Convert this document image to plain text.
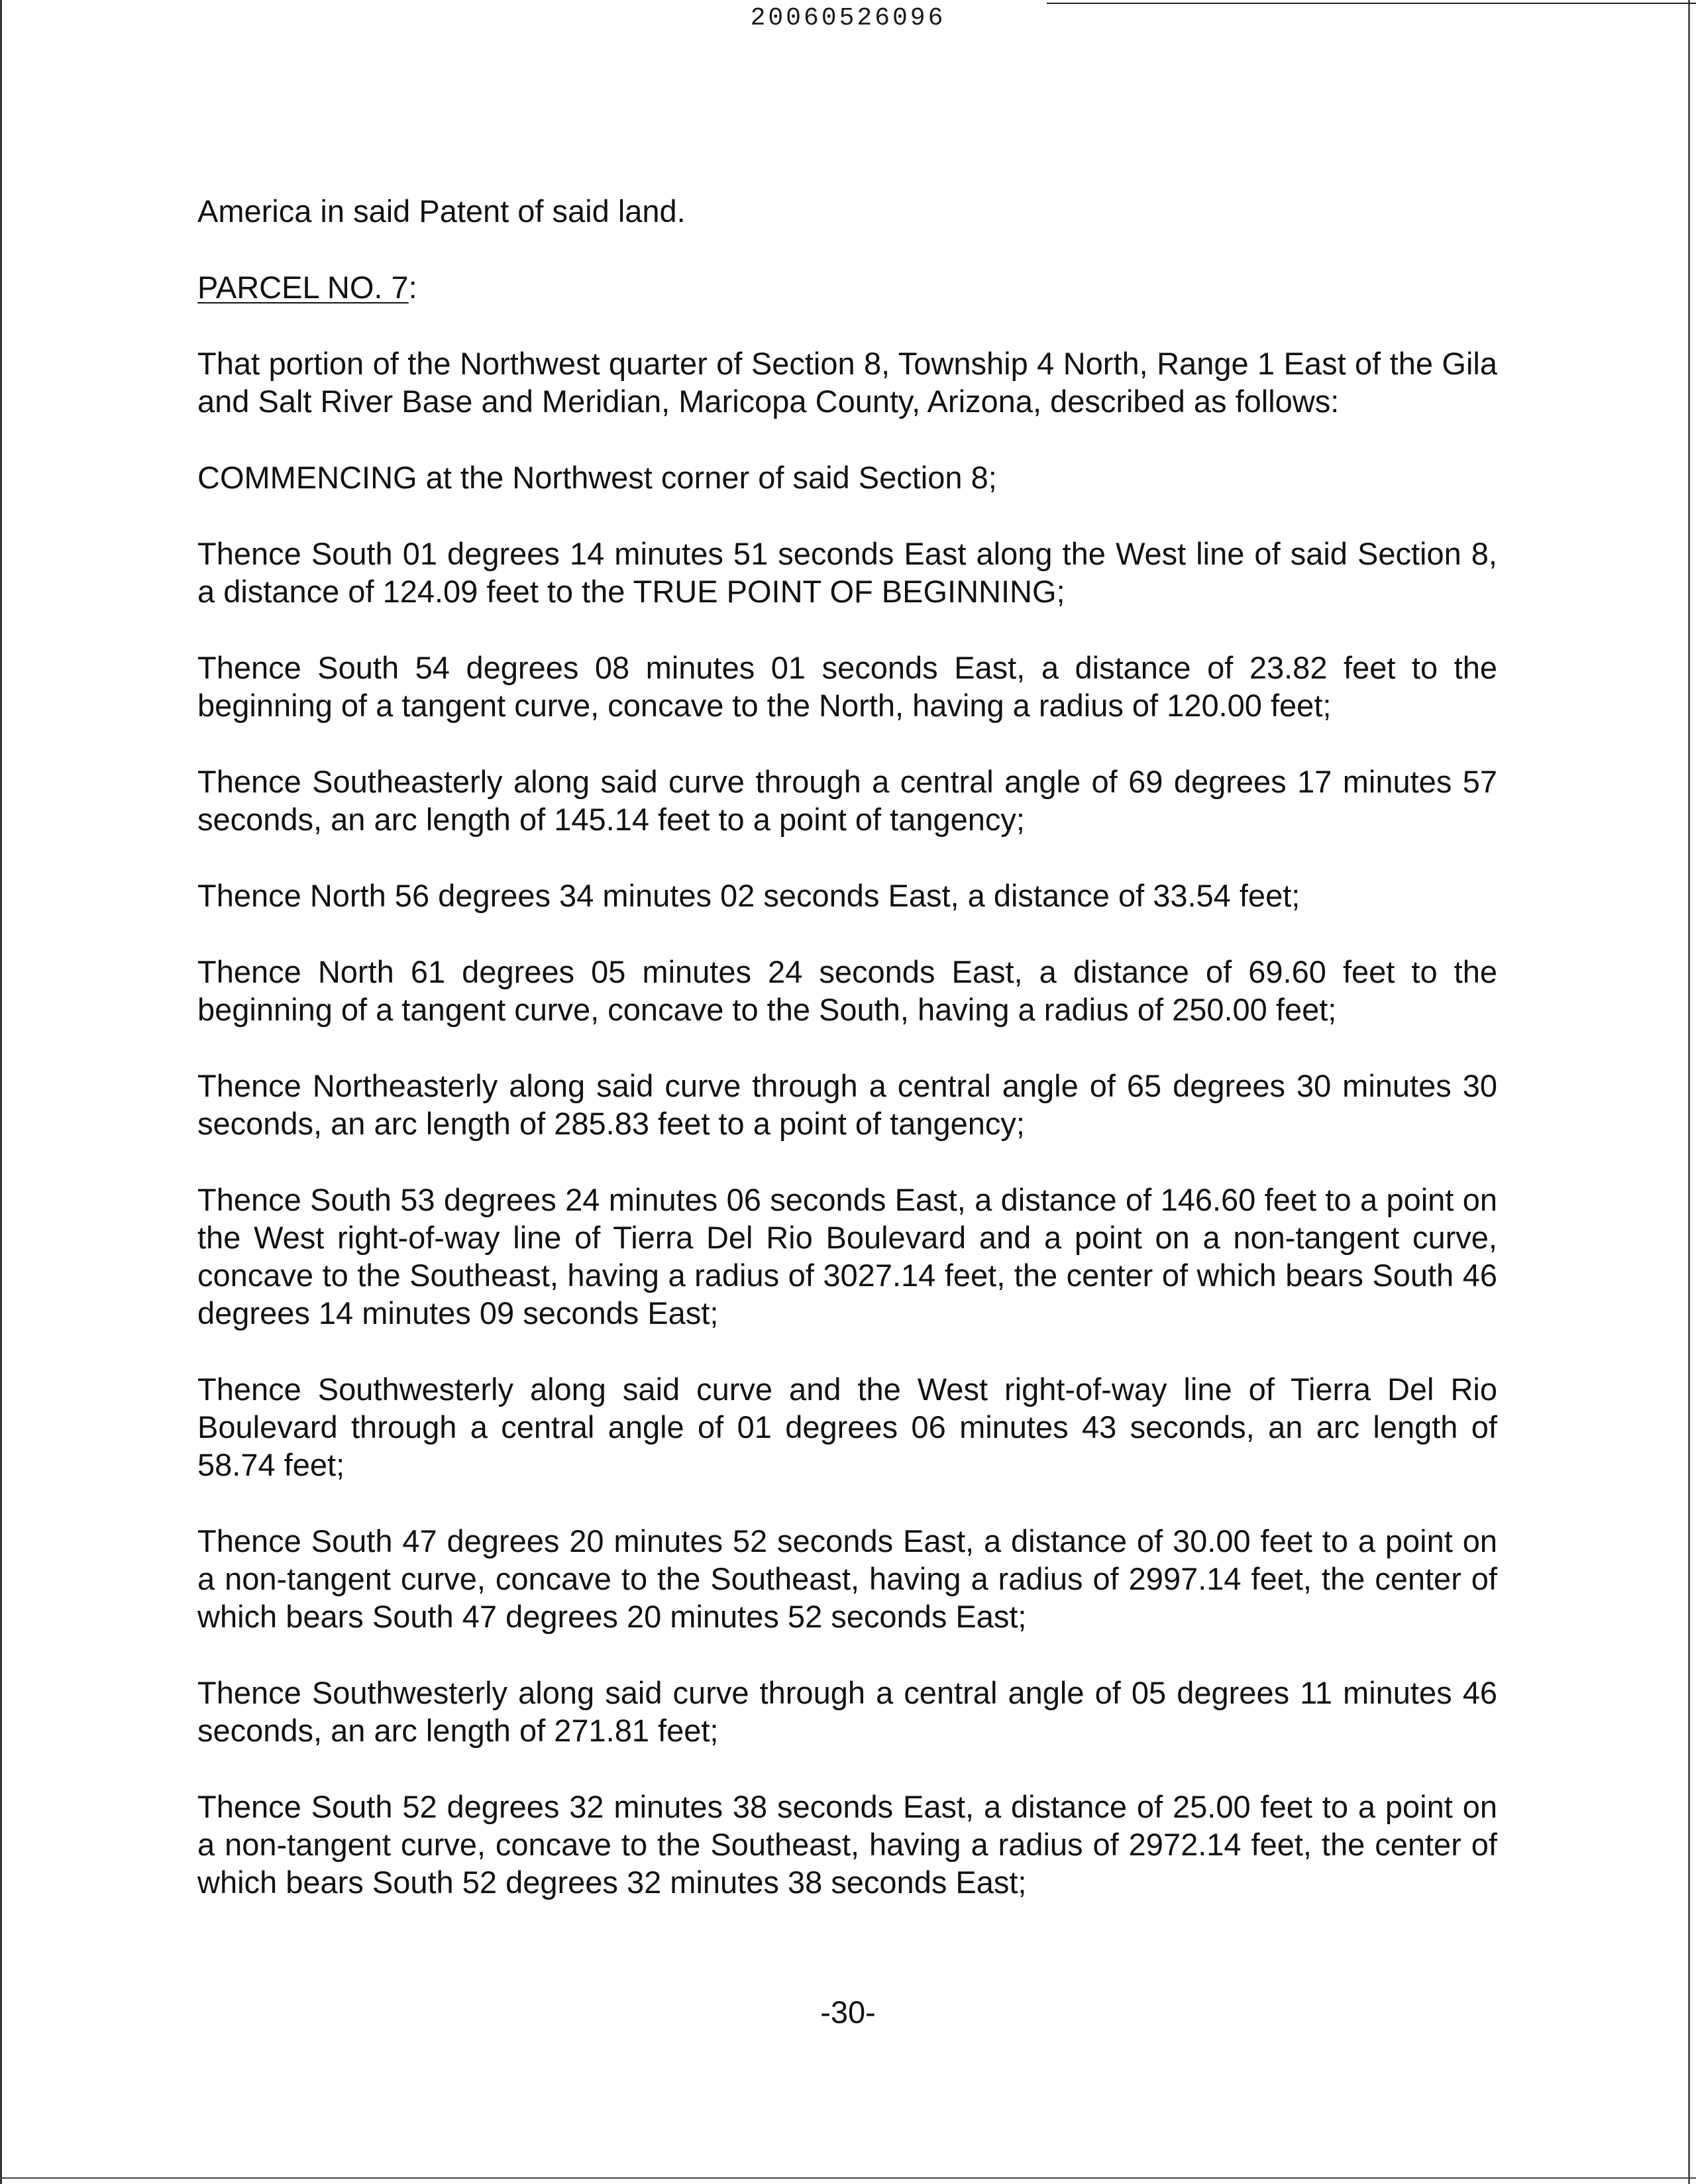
20060526096

America in said Patent of said land.

PARCEL NO. 7:

That portion of the Northwest quarter of Section 8, Township 4 North, Range 1 East of the Gila and Salt River Base and Meridian, Maricopa County, Arizona, described as follows:

COMMENCING at the Northwest corner of said Section 8;

Thence South 01 degrees 14 minutes 51 seconds East along the West line of said Section 8, a distance of 124.09 feet to the TRUE POINT OF BEGINNING;

Thence South 54 degrees 08 minutes 01 seconds East, a distance of 23.82 feet to the beginning of a tangent curve, concave to the North, having a radius of 120.00 feet;

Thence Southeasterly along said curve through a central angle of 69 degrees 17 minutes 57 seconds, an arc length of 145.14 feet to a point of tangency;

Thence North 56 degrees 34 minutes 02 seconds East, a distance of 33.54 feet;

Thence North 61 degrees 05 minutes 24 seconds East, a distance of 69.60 feet to the beginning of a tangent curve, concave to the South, having a radius of 250.00 feet;

Thence Northeasterly along said curve through a central angle of 65 degrees 30 minutes 30 seconds, an arc length of 285.83 feet to a point of tangency;

Thence South 53 degrees 24 minutes 06 seconds East, a distance of 146.60 feet to a point on the West right-of-way line of Tierra Del Rio Boulevard and a point on a non-tangent curve, concave to the Southeast, having a radius of 3027.14 feet, the center of which bears South 46 degrees 14 minutes 09 seconds East;

Thence Southwesterly along said curve and the West right-of-way line of Tierra Del Rio Boulevard through a central angle of 01 degrees 06 minutes 43 seconds, an arc length of 58.74 feet;

Thence South 47 degrees 20 minutes 52 seconds East, a distance of 30.00 feet to a point on a non-tangent curve, concave to the Southeast, having a radius of 2997.14 feet, the center of which bears South 47 degrees 20 minutes 52 seconds East;

Thence Southwesterly along said curve through a central angle of 05 degrees 11 minutes 46 seconds, an arc length of 271.81 feet;

Thence South 52 degrees 32 minutes 38 seconds East, a distance of 25.00 feet to a point on a non-tangent curve, concave to the Southeast, having a radius of 2972.14 feet, the center of which bears South 52 degrees 32 minutes 38 seconds East;

-30-
